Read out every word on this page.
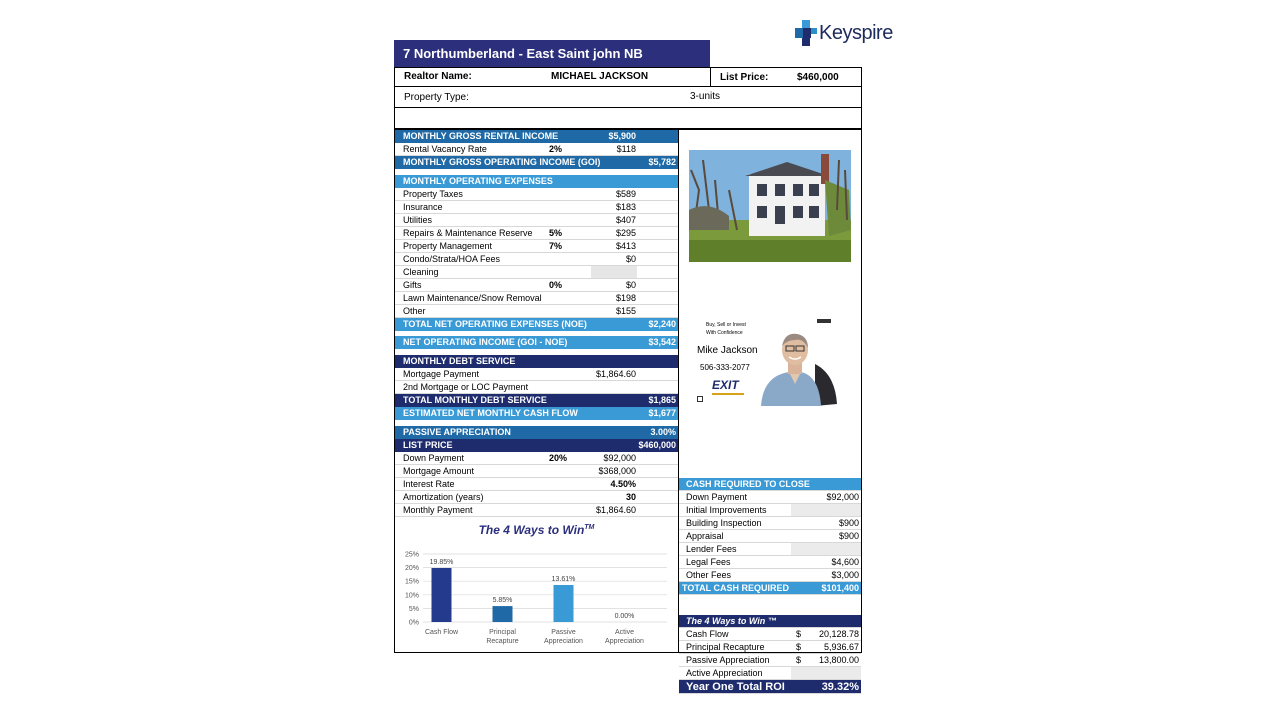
Keyspire
7 Northumberland - East Saint john NB
Realtor Name:	MICHAEL JACKSON	List Price:	$460,000
Property Type:	3-units
MONTHLY GROSS RENTAL INCOME	$5,900
Rental Vacancy Rate	2%	$118
MONTHLY GROSS OPERATING INCOME (GOI)	$5,782
MONTHLY OPERATING EXPENSES
Property Taxes	$589
Insurance	$183
Utilities	$407
Repairs & Maintenance Reserve 5%	$295
Property Management	7%	$413
Condo/Strata/HOA Fees	$0
Cleaning
Gifts	0%	$0
Lawn Maintenance/Snow Removal	$198
Other	$155
TOTAL NET OPERATING EXPENSES (NOE)	$2,240
NET OPERATING INCOME (GOI - NOE)	$3,542
MONTHLY DEBT SERVICE
Mortgage Payment	$1,864.60
2nd Mortgage or LOC Payment
TOTAL MONTHLY DEBT SERVICE	$1,865
ESTIMATED NET MONTHLY CASH FLOW	$1,677
PASSIVE APPRECIATION	3.00%
LIST PRICE	$460,000
Down Payment	20%	$92,000
Mortgage Amount	$368,000
Interest Rate	4.50%
Amortization (years)	30
Monthly Payment	$1,864.60
The 4 Ways to Win™
0%
5%
10%
15%
20%
25%
19.85%
Cash Flow
5.85%
Principal
Recapture
13.61%
Passive
Appreciation
0.00%
Active
Appreciation
Buy, Sell or Invest
With Confidence
Mike Jackson
506-333-2077
EXIT
CASH REQUIRED TO CLOSE
Down Payment	$92,000
Initial Improvements
Building Inspection	$900
Appraisal	$900
Lender Fees
Legal Fees	$4,600
Other Fees	$3,000
TOTAL CASH REQUIRED	$101,400
The 4 Ways to Win ™
Cash Flow	$ 20,128.78
Principal Recapture	$	5,936.67
Passive Appreciation	$ 13,800.00
Active Appreciation
Year One Total ROI	39.32%
